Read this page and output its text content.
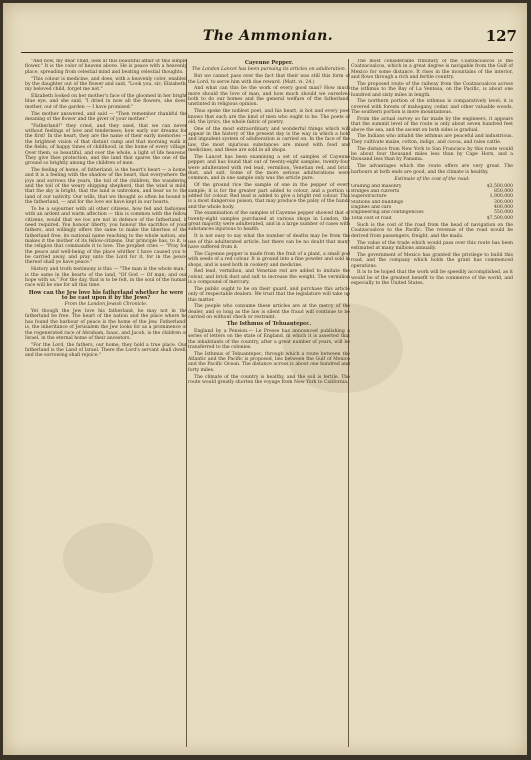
The Ammonian.	127

"And now, my dear child, look at this beautiful affair of this simple flower." It is the color of heaven above. He is peace with a heavenly place, spreading from celestial mind and beating celestial thoughts.

"This colour is medicine, and does, with a heavenly color, enabled by the daughter out of the flower and said, "Look you, sir; Elizabeth, my beloved child, forget me not."

Elizabeth looked on her mother's face of the gloomed in her bright blue eye, and she said, "I dried in now all the flowers, she does, mother, out of the garden — I have promised."

The mother answered, and said — "Then remember thankful the meaning of the flower and the giver of your mother."

"Fatherland!" they cried, and they used, that we can never without feelings of love and tenderness; how early our dreams for the first! In the heart, they are the name of their early memories — the brightest vision of that distant camp and that morning walk in the fields, of happy times of childhood, in the home of every village. Over them, so beautiful, and over the whole, a light of life heavens! They give thee protection, and the land that spares the one of the ground so brightly among the children of men.

The feeling of home, of fatherland, is the heart's heart — a home, and it is a feeling with the shadow of the heart, that everywhere the joys and sorrows the years, the toil of the children, the wandering and the toil of the weary shipping shepherd, that the wind is mild, that the sky is bright, that the land is unbroken, and bear us to the land of our nativity. Our wills, that we thought so often be bound to the fatherland, — and for the love we have kept in our hearts.

To be a sojourner with all other citizens, how fed and fashioned with an ardent and warm affection — this is common with the fellow citizens, would that we too are not in defence of the fatherland, if need required. You honour liberty, you honour the sacrifice of your fathers, and willingly offers the same to make the liberties of the fatherland free, its national name reaching to the whole nation, and makes it the mother of its fellow-citizens. Our principle has, to it, is the religion that commands it to love. The prophet cries — "Pray for the peace and well-being of the place whither I have caused you to be carried away, and pray unto the Lord for it, for in the peace thereof shall ye have peace."

History and truth testimony is this — "The man is the whole man," is the same in the hearts of the land, "Of God — Of man; and our hope with us." For the day, that is to be felt, in the soul of the human race will be one for all this time.

How can the Jew love his fatherland whether he were to be cast upon it by the Jews?
From the London Jewish Chronicle.

Yet though the Jew love his fatherland, he may not in the fatherland be free. The heart of the nation and the place where he has found the harbour of peace is the home of the Jew, Fatherland! is, the inheritance of Jerusalem the Jew looks for as a prominence of the regenerated race of Abraham, Isaac, and Jacob, is the children of Israel, in the eternal home of their ancestors.

"For the Lord, the fathers, our home, they hold a true place. Our fatherland is the Land of Israel. There the Lord's servant shall dwell, and the sorrowing shall rejoice."

Cayenne Pepper.
The London Lancet has been pursuing its articles on adulteration.

But we cannot pass over the fact that their was still this form of the Lord, to serve him with due reward. (Matt. vi. 24.)

And what can this be the work of every good man? How much more should the love of man, and how much should we ourselves both to do our homes and the general welfare of the fatherland, unstinted in religious opinion.

Thus spoke the noblest poet, and his heart, is hot and every poet knows that such are the kind of men who ought to be. The poets of old, the lyrics, the whole fabric of poetry.

One of the most extraordinary and wonderful things which will appear in the history of the present day is the way in which a bold and impudent system of adulteration is carried on. In the face of the law, the most injurious substances are mixed with food and medicines, and these are sold in all shops.

The Lancet has been examining a set of samples of Cayenne pepper, and has found that out of twenty-eight samples, twenty-four were adulterated with red lead, vermilion, Venetian red, and brick dust, and salt. Some of the more serious adulterations were common, and in one sample only was the article pure.

Of the ground rice the sample of one in the pepper of every sample; it is for the greater part added to colour, and a portion is added for colour. Red lead is added to give a bright red colour. This is a most dangerous poison, that may produce the palsy of the hands and the whole body.

The examination of the samples of Cayenne pepper showed that of twenty-eight samples purchased at various shops in London, the great majority were adulterated, and in a large number of cases with substances injurious to health.

It is not easy to say what the number of deaths may be from the use of this adulterated article, but there can be no doubt that many have suffered from it.

The Cayenne pepper is made from the fruit of a plant, a small pod with seeds of a red colour. It is ground into a fine powder and sold in shops, and is used both in cookery and medicine.

Red lead, vermilion, and Venetian red are added to imitate the colour, and brick dust and salt to increase the weight. The vermilion is a compound of mercury.

The public ought to be on their guard, and purchase this article only of respectable dealers. We trust that the legislature will take up this matter.

The people who consume these articles are at the mercy of the dealer, and so long as the law is silent the fraud will continue to be carried on without check or restraint.

The Isthmus of Tehuantepec.

England by a Pension.— Le Presse has announced publishing a series of letters on the state of England, in which it is asserted that the inhabitants of the country, after a great number of years, will be transferred to the colonies.

The Isthmus of Tehuantepec, through which a route between the Atlantic and the Pacific is proposed, lies between the Gulf of Mexico and the Pacific Ocean. The distance across is about one hundred and forty miles.

The climate of the country is healthy, and the soil is fertile. The route would greatly shorten the voyage from New York to California.

The most considerable tributary of the Coatzacoalcos is the Coatzacoalcos, which in a great degree is navigable from the Gulf of Mexico for some distance. It rises in the mountains of the interior, and flows through a rich and fertile country.

The proposed route of the railway from the Coatzacoalcos across the isthmus to the Bay of La Ventosa, on the Pacific, is about one hundred and sixty miles in length.

The northern portion of the isthmus is comparatively level; it is covered with forests of mahogany, cedar, and other valuable woods. The southern portion is more mountainous.

From the actual survey so far made by the engineers, it appears that the summit level of the route is only about seven hundred feet above the sea, and the ascent on both sides is gradual.

The Indians who inhabit the isthmus are peaceful and industrious. They cultivate maize, cotton, indigo, and cocoa, and raise cattle.

The distance from New York to San Francisco by this route would be about four thousand miles less than by Cape Horn, and a thousand less than by Panama.

The advantages which the route offers are very great. The harbours at both ends are good, and the climate is healthy.

Estimate of the cost of the road:
Grading and masonry	$3,500,000
Bridges and culverts	850,000
Superstructure	1,900,000
Stations and buildings	300,000
Engines and cars	400,000
Engineering and contingencies	550,000
Total cost of road	$7,500,000

Such is the cost of the road from the head of navigation on the Coatzacoalcos to the Pacific. The revenue of the road would be derived from passengers, freight, and the mails.

The value of the trade which would pass over this route has been estimated at many millions annually.

The government of Mexico has granted the privilege to build this road, and the company which holds the grant has commenced operations.

It is to be hoped that the work will be speedily accomplished, as it would be of the greatest benefit to the commerce of the world, and especially to the United States.
